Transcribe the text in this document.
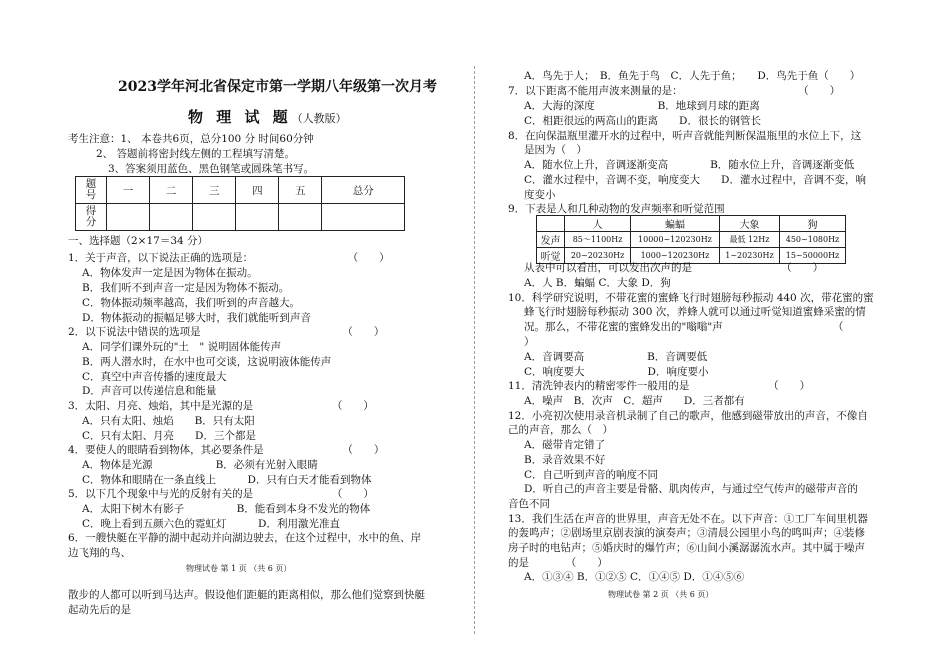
2023学年河北省保定市第一学期八年级第一次月考
物 理 试 题（人教版）
考生注意：1、 本卷共6页，总分100 分 时间60分钟
2、 答题前将密封线左侧的工程填写清楚。
3、答案须用蓝色、黑色钢笔或圆珠笔书写。
题号	一	二	三	四	五	总分
得分						
一、选择题（2×17＝34 分）
1．关于声音，以下说法正确的选项是：　　　　　　　　　　（　　）
A．物体发声一定是因为物体在振动。
B．我们听不到声音一定是因为物体不振动。
C．物体振动频率越高，我们听到的声音越大。
D．物体振动的振幅足够大时，我们就能听到声音
2．以下说法中错误的选项是　　　　　　　　　　　　　　（　　）
A．同学们课外玩的"土　" 说明固体能传声
B．两人潜水时，在水中也可交谈，这说明液体能传声
C．真空中声音传播的速度最大
D．声音可以传递信息和能量
3．太阳、月亮、烛焰，其中是光源的是　　　　　　　　（　　）
A．只有太阳、烛焰　　B．只有太阳
C．只有太阳、月亮　　D．三个都是
4．要使人的眼睛看到物体，其必要条件是　　　　　　　　（　　）
A．物体是光源　　　　　　B．必须有光射入眼睛
C．物体和眼睛在一条直线上　　　D．只有白天才能看到物体
5．以下几个现象中与光的反射有关的是　　　　　　　　（　　）
A．太阳下树木有影子　　　　　B．能看到本身不发光的物体
C．晚上看到五颜六色的霓虹灯　　　D．利用激光准直
6．一艘快艇在平静的湖中起动并向湖边驶去，在这个过程中，水中的鱼、岸
边飞翔的鸟、
物理试卷 第 1 页 （共 6 页）
散步的人都可以听到马达声。假设他们距艇的距离相似，那么他们觉察到快艇
起动先后的是
A．鸟先于人；　B．鱼先于鸟　C．人先于鱼；　　D．鸟先于鱼（　　）
7．以下距离不能用声波来测量的是：　　　　　　　　　　　　（　　）
A．大海的深度　　　　　　B．地球到月球的距离
C．相距很远的两高山的距离　　D．很长的钢管长
8．在向保温瓶里灌开水的过程中，听声音就能判断保温瓶里的水位上下，这
是因为（　）
A．随水位上升，音调逐渐变高　　　　B．随水位上升，音调逐渐变低
C．灌水过程中，音调不变，响度变大　　D．灌水过程中，音调不变，响
度变小
9．下表是人和几种动物的发声频率和听觉范围
	人	蝙蝠	大象	狗
发声	85～1100Hz	10000~120230Hz	最低 12Hz	450~1080Hz
听觉	20~20230Hz	1000~120230Hz	1~20230Hz	15~50000Hz
从表中可以看出，可以发出次声的是　　　　　　　　　（　　）
A．人 B．蝙蝠 C．大象 D．狗
10．科学研究说明，不带花蜜的蜜蜂飞行时翅膀每秒振动 440 次，带花蜜的蜜
蜂飞行时翅膀每秒振动 300 次，养蜂人就可以通过听觉知道蜜蜂采蜜的情
况。那么，不带花蜜的蜜蜂发出的"嗡嗡"声　　　　　　　　　　　（
）
A．音调要高　　　　　　B．音调要低
C．响度要大　　　　　　D．响度要小
11．清洗钟表内的精密零件一般用的是　　　　　　　　（　　）
A．噪声　B．次声　C．超声　　D．三者都有
12．小亮初次使用录音机录制了自己的歌声，他感到磁带放出的声音，不像自
己的声音，那么（　）
A．磁带肯定错了
B．录音效果不好
C．自己听到声音的响度不同
D．听自己的声音主要是骨骼、肌肉传声，与通过空气传声的磁带声音的
音色不同
13．我们生活在声音的世界里，声音无处不在。以下声音：①工厂车间里机器
的轰鸣声；②剧场里京剧表演的演奏声；③清晨公园里小鸟的鸣叫声；④装修
房子时的电钻声；⑤婚庆时的爆竹声；⑥山间小溪潺潺流水声。其中属于噪声
的是　　　　（　　）
A．①③④ B．①②⑤ C．①④⑤ D．①④⑤⑥
物理试卷 第 2 页 （共 6 页）
